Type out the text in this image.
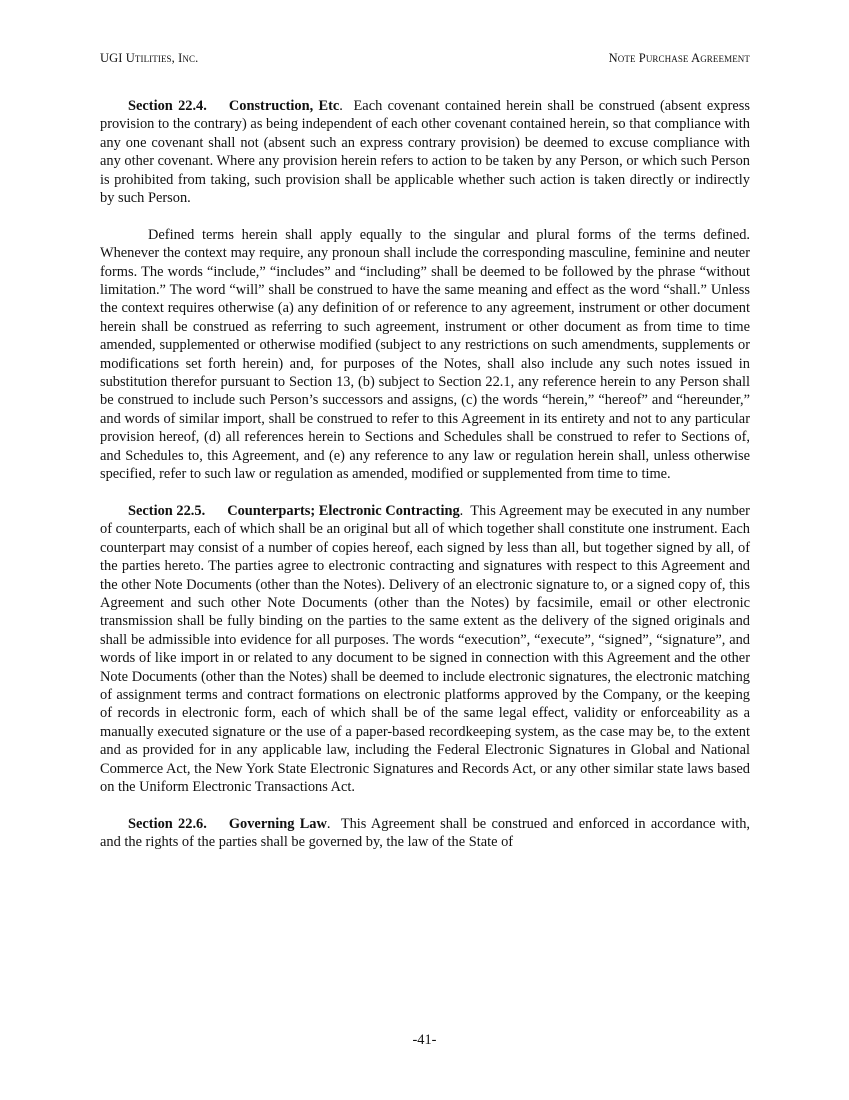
UGI Utilities, Inc.	Note Purchase Agreement

Section 22.4. Construction, Etc.  Each covenant contained herein shall be construed (absent express provision to the contrary) as being independent of each other covenant contained herein, so that compliance with any one covenant shall not (absent such an express contrary provision) be deemed to excuse compliance with any other covenant. Where any provision herein refers to action to be taken by any Person, or which such Person is prohibited from taking, such provision shall be applicable whether such action is taken directly or indirectly by such Person.

Defined terms herein shall apply equally to the singular and plural forms of the terms defined. Whenever the context may require, any pronoun shall include the corresponding masculine, feminine and neuter forms. The words “include,” “includes” and “including” shall be deemed to be followed by the phrase “without limitation.” The word “will” shall be construed to have the same meaning and effect as the word “shall.” Unless the context requires otherwise (a) any definition of or reference to any agreement, instrument or other document herein shall be construed as referring to such agreement, instrument or other document as from time to time amended, supplemented or otherwise modified (subject to any restrictions on such amendments, supplements or modifications set forth herein) and, for purposes of the Notes, shall also include any such notes issued in substitution therefor pursuant to Section 13, (b) subject to Section 22.1, any reference herein to any Person shall be construed to include such Person’s successors and assigns, (c) the words “herein,” “hereof” and “hereunder,” and words of similar import, shall be construed to refer to this Agreement in its entirety and not to any particular provision hereof, (d) all references herein to Sections and Schedules shall be construed to refer to Sections of, and Schedules to, this Agreement, and (e) any reference to any law or regulation herein shall, unless otherwise specified, refer to such law or regulation as amended, modified or supplemented from time to time.

Section 22.5. Counterparts; Electronic Contracting.  This Agreement may be executed in any number of counterparts, each of which shall be an original but all of which together shall constitute one instrument. Each counterpart may consist of a number of copies hereof, each signed by less than all, but together signed by all, of the parties hereto. The parties agree to electronic contracting and signatures with respect to this Agreement and the other Note Documents (other than the Notes). Delivery of an electronic signature to, or a signed copy of, this Agreement and such other Note Documents (other than the Notes) by facsimile, email or other electronic transmission shall be fully binding on the parties to the same extent as the delivery of the signed originals and shall be admissible into evidence for all purposes. The words “execution”, “execute”, “signed”, “signature”, and words of like import in or related to any document to be signed in connection with this Agreement and the other Note Documents (other than the Notes) shall be deemed to include electronic signatures, the electronic matching of assignment terms and contract formations on electronic platforms approved by the Company, or the keeping of records in electronic form, each of which shall be of the same legal effect, validity or enforceability as a manually executed signature or the use of a paper-based recordkeeping system, as the case may be, to the extent and as provided for in any applicable law, including the Federal Electronic Signatures in Global and National Commerce Act, the New York State Electronic Signatures and Records Act, or any other similar state laws based on the Uniform Electronic Transactions Act.

Section 22.6. Governing Law.  This Agreement shall be construed and enforced in accordance with, and the rights of the parties shall be governed by, the law of the State of

-41-
